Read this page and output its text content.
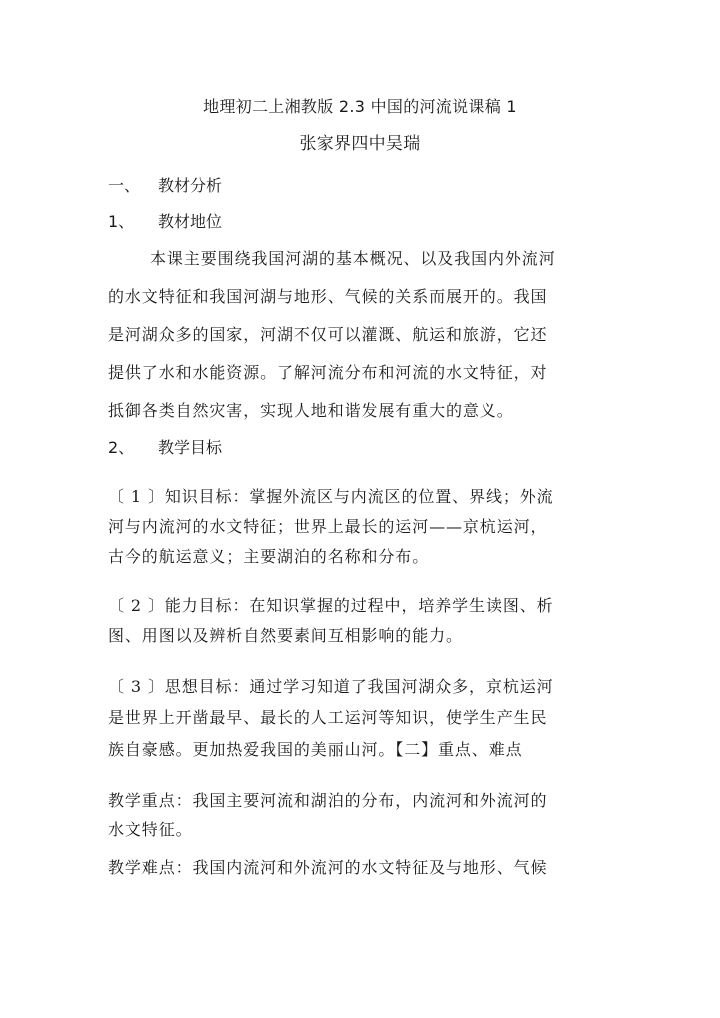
地理初二上湘教版 2.3 中国的河流说课稿 1
张家界四中吴瑞
一、 教材分析
1、 教材地位
本课主要围绕我国河湖的基本概况、以及我国内外流河
的水文特征和我国河湖与地形、气候的关系而展开的。我国
是河湖众多的国家，河湖不仅可以灌溉、航运和旅游，它还
提供了水和水能资源。了解河流分布和河流的水文特征，对
抵御各类自然灾害，实现人地和谐发展有重大的意义。
2、 教学目标
〔 1 〕知识目标：掌握外流区与内流区的位置、界线；外流
河与内流河的水文特征；世界上最长的运河——京杭运河，
古今的航运意义；主要湖泊的名称和分布。
〔 2 〕能力目标：在知识掌握的过程中，培养学生读图、析
图、用图以及辨析自然要素间互相影响的能力。
〔 3 〕思想目标：通过学习知道了我国河湖众多，京杭运河
是世界上开凿最早、最长的人工运河等知识，使学生产生民
族自豪感。更加热爱我国的美丽山河。【二】重点、难点
教学重点：我国主要河流和湖泊的分布，内流河和外流河的
水文特征。
教学难点：我国内流河和外流河的水文特征及与地形、气候
